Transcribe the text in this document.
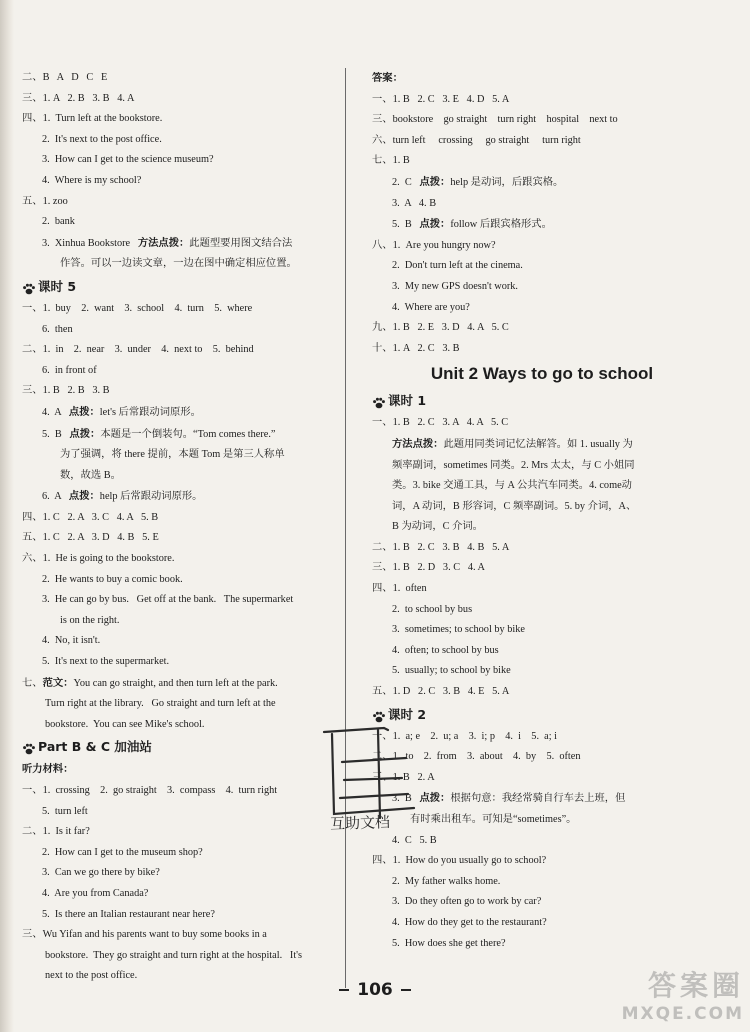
二、B   A   D   C   E
三、1. A   2. B   3. B   4. A
四、1.  Turn left at the bookstore.
2.  It's next to the post office.
3.  How can I get to the science museum?
4.  Where is my school?
五、1. zoo
2.  bank
3.  Xinhua Bookstore   方法点拨：此题型要用图文结合法
作答。可以一边读文章，一边在图中确定相应位置。
课时 5
一、1.  buy    2.  want    3.  school    4.  turn    5.  where
6.  then
二、1.  in    2.  near    3.  under    4.  next to    5.  behind
6.  in front of
三、1. B   2. B   3. B
4.  A   点拨：let's 后常跟动词原形。
5.  B   点拨：本题是一个倒装句。“Tom comes there.”
为了强调，将 there 提前，本题 Tom 是第三人称单
数，故选 B。
6.  A   点拨：help 后常跟动词原形。
四、1. C   2. A   3. C   4. A   5. B
五、1. C   2. A   3. D   4. B   5. E
六、1.  He is going to the bookstore.
2.  He wants to buy a comic book.
3.  He can go by bus.   Get off at the bank.   The supermarket
is on the right.
4.  No, it isn't.
5.  It's next to the supermarket.
七、范文：You can go straight, and then turn left at the park.
Turn right at the library.   Go straight and turn left at the
bookstore.  You can see Mike's school.
Part B & C 加油站
听力材料：
一、1.  crossing    2.  go straight    3.  compass    4.  turn right
5.  turn left
二、1.  Is it far?
2.  How can I get to the museum shop?
3.  Can we go there by bike?
4.  Are you from Canada?
5.  Is there an Italian restaurant near here?
三、Wu Yifan and his parents want to buy some books in a
bookstore.  They go straight and turn right at the hospital.   It's
next to the post office.
答案：
一、1. B   2. C   3. E   4. D   5. A
三、bookstore    go straight    turn right    hospital    next to
六、turn left     crossing     go straight     turn right
七、1. B
2.  C   点拨：help 是动词，后跟宾格。
3.  A   4. B
5.  B   点拨：follow 后跟宾格形式。
八、1.  Are you hungry now?
2.  Don't turn left at the cinema.
3.  My new GPS doesn't work.
4.  Where are you?
九、1. B   2. E   3. D   4. A   5. C
十、1. A   2. C   3. B
Unit 2 Ways to go to school
课时 1
一、1. B   2. C   3. A   4. A   5. C
方法点拨：此题用同类词记忆法解答。如 1. usually 为
频率副词，sometimes 同类。2. Mrs 太太，与 C 小姐同
类。3. bike 交通工具，与 A 公共汽车同类。4. come动
词，A 动词，B 形容词，C 频率副词。5. by 介词，A、
B 为动词，C 介词。
二、1. B   2. C   3. B   4. B   5. A
三、1. B   2. D   3. C   4. A
四、1.  often
2.  to school by bus
3.  sometimes; to school by bike
4.  often; to school by bus
5.  usually; to school by bike
五、1. D   2. C   3. B   4. E   5. A
课时 2
一、1.  a; e    2.  u; a    3.  i; p    4.  i    5.  a; i
二、1.  to    2.  from    3.  about    4.  by    5.  often
三、1. B   2. A
3.  B   点拨：根据句意：我经常骑自行车去上班，但
有时乘出租车。可知是“sometimes”。
4.  C   5. B
四、1.  How do you usually go to school?
2.  My father walks home.
3.  Do they often go to work by car?
4.  How do they get to the restaurant?
5.  How does she get there?
互助文档
106	答案圈
MXQE.COM
